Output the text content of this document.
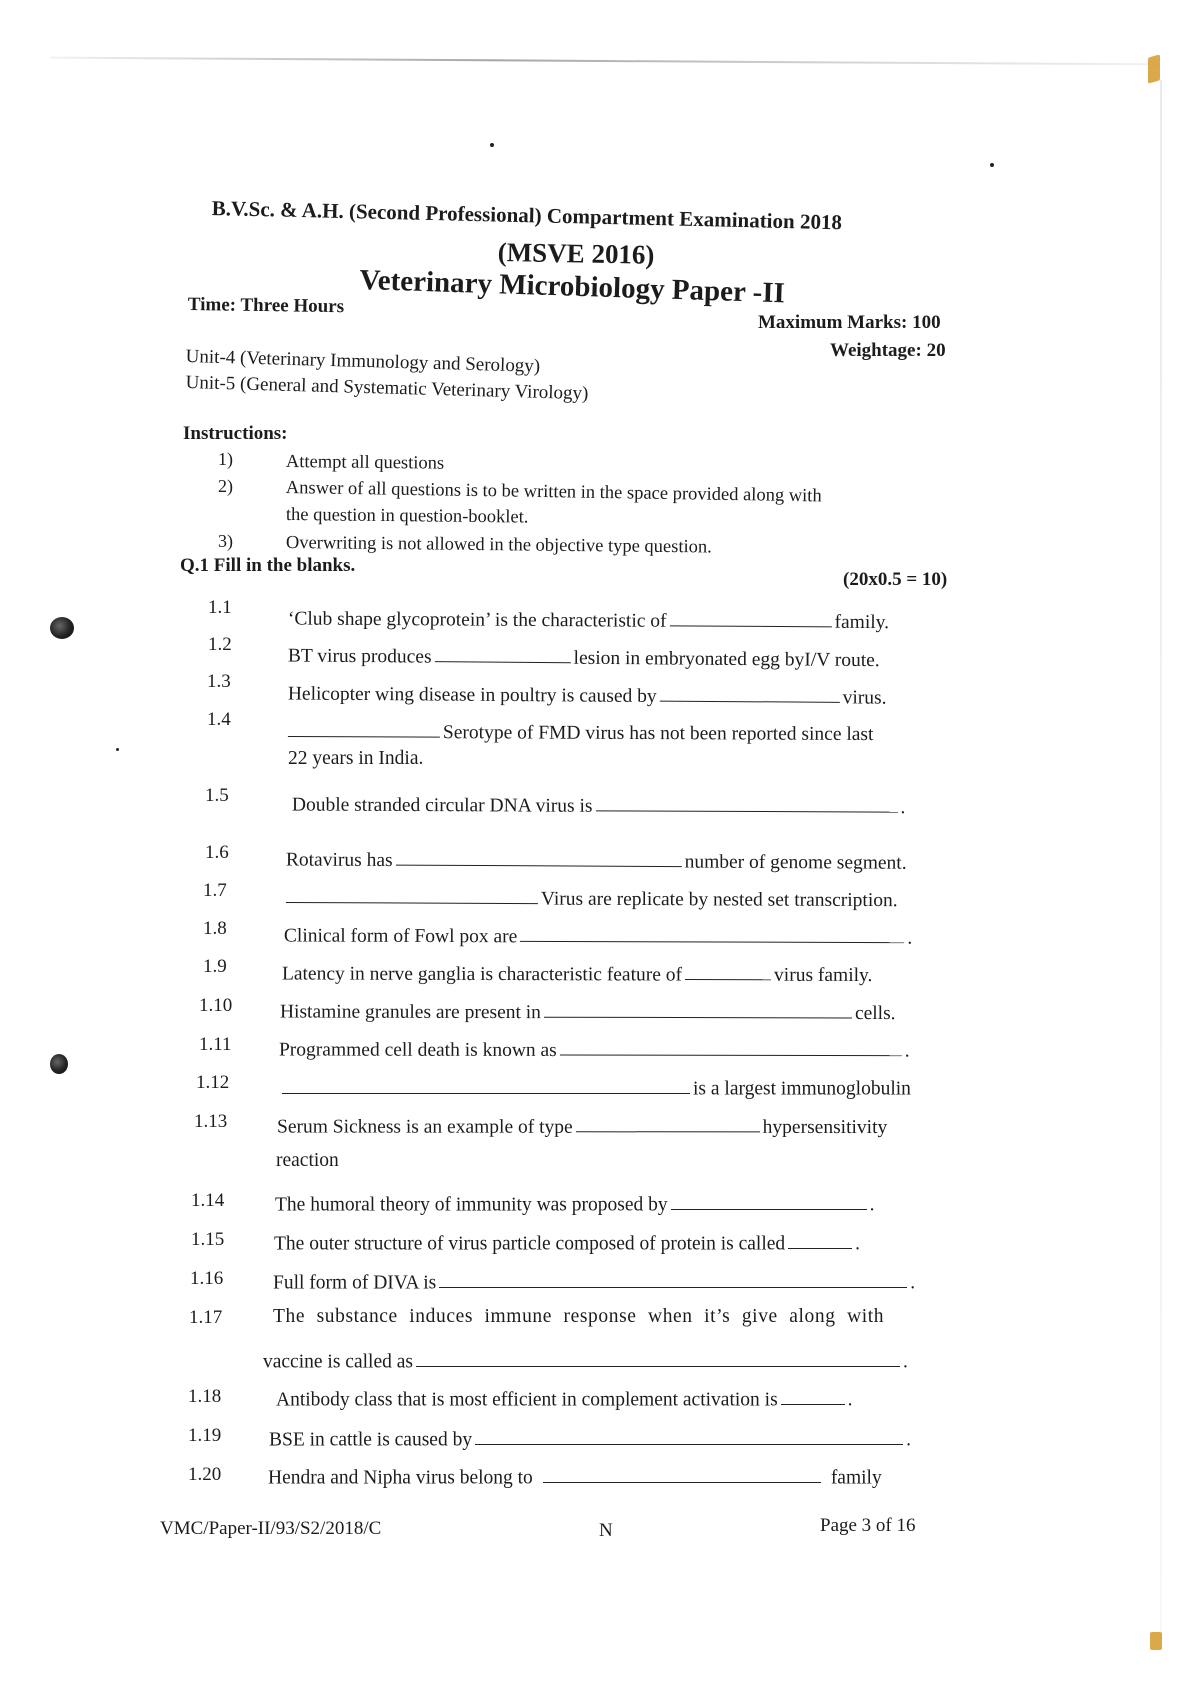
B.V.Sc. & A.H. (Second Professional) Compartment Examination 2018
(MSVE 2016)
Veterinary Microbiology Paper -II
Time: Three Hours
Maximum Marks: 100
Weightage: 20
Unit-4 (Veterinary Immunology and Serology)
Unit-5 (General and Systematic Veterinary Virology)
Instructions:
1)	Attempt all questions
2)	Answer of all questions is to be written in the space provided along with
the question in question-booklet.
3)	Overwriting is not allowed in the objective type question.
Q.1 Fill in the blanks.
(20x0.5 = 10)
1.1
‘Club shape glycoprotein’ is the characteristic of	family.
1.2
BT virus produces	lesion in embryonated egg byI/V route.
1.3
Helicopter wing disease in poultry is caused by	virus.
1.4
Serotype of FMD virus has not been reported since last
22 years in India.
1.5	Double stranded circular DNA virus is	.
1.6	Rotavirus has	number of genome segment.
1.7	Virus are replicate by nested set transcription.
1.8	Clinical form of Fowl pox are	.
1.9	Latency in nerve ganglia is characteristic feature of	virus family.
1.10	Histamine granules are present in	cells.
1.11	Programmed cell death is known as	.
1.12	is a largest immunoglobulin
1.13	Serum Sickness is an example of type	hypersensitivity
reaction
1.14	The humoral theory of immunity was proposed by	.
1.15	The outer structure of virus particle composed of protein is called	.
1.16	Full form of DIVA is	.
1.17	The substance induces immune response when it’s give along with
vaccine is called as	.
1.18	Antibody class that is most efficient in complement activation is	.
1.19	BSE in cattle is caused by	.
1.20	Hendra and Nipha virus belong to	family
VMC/Paper-II/93/S2/2018/C	N	Page 3 of 16
